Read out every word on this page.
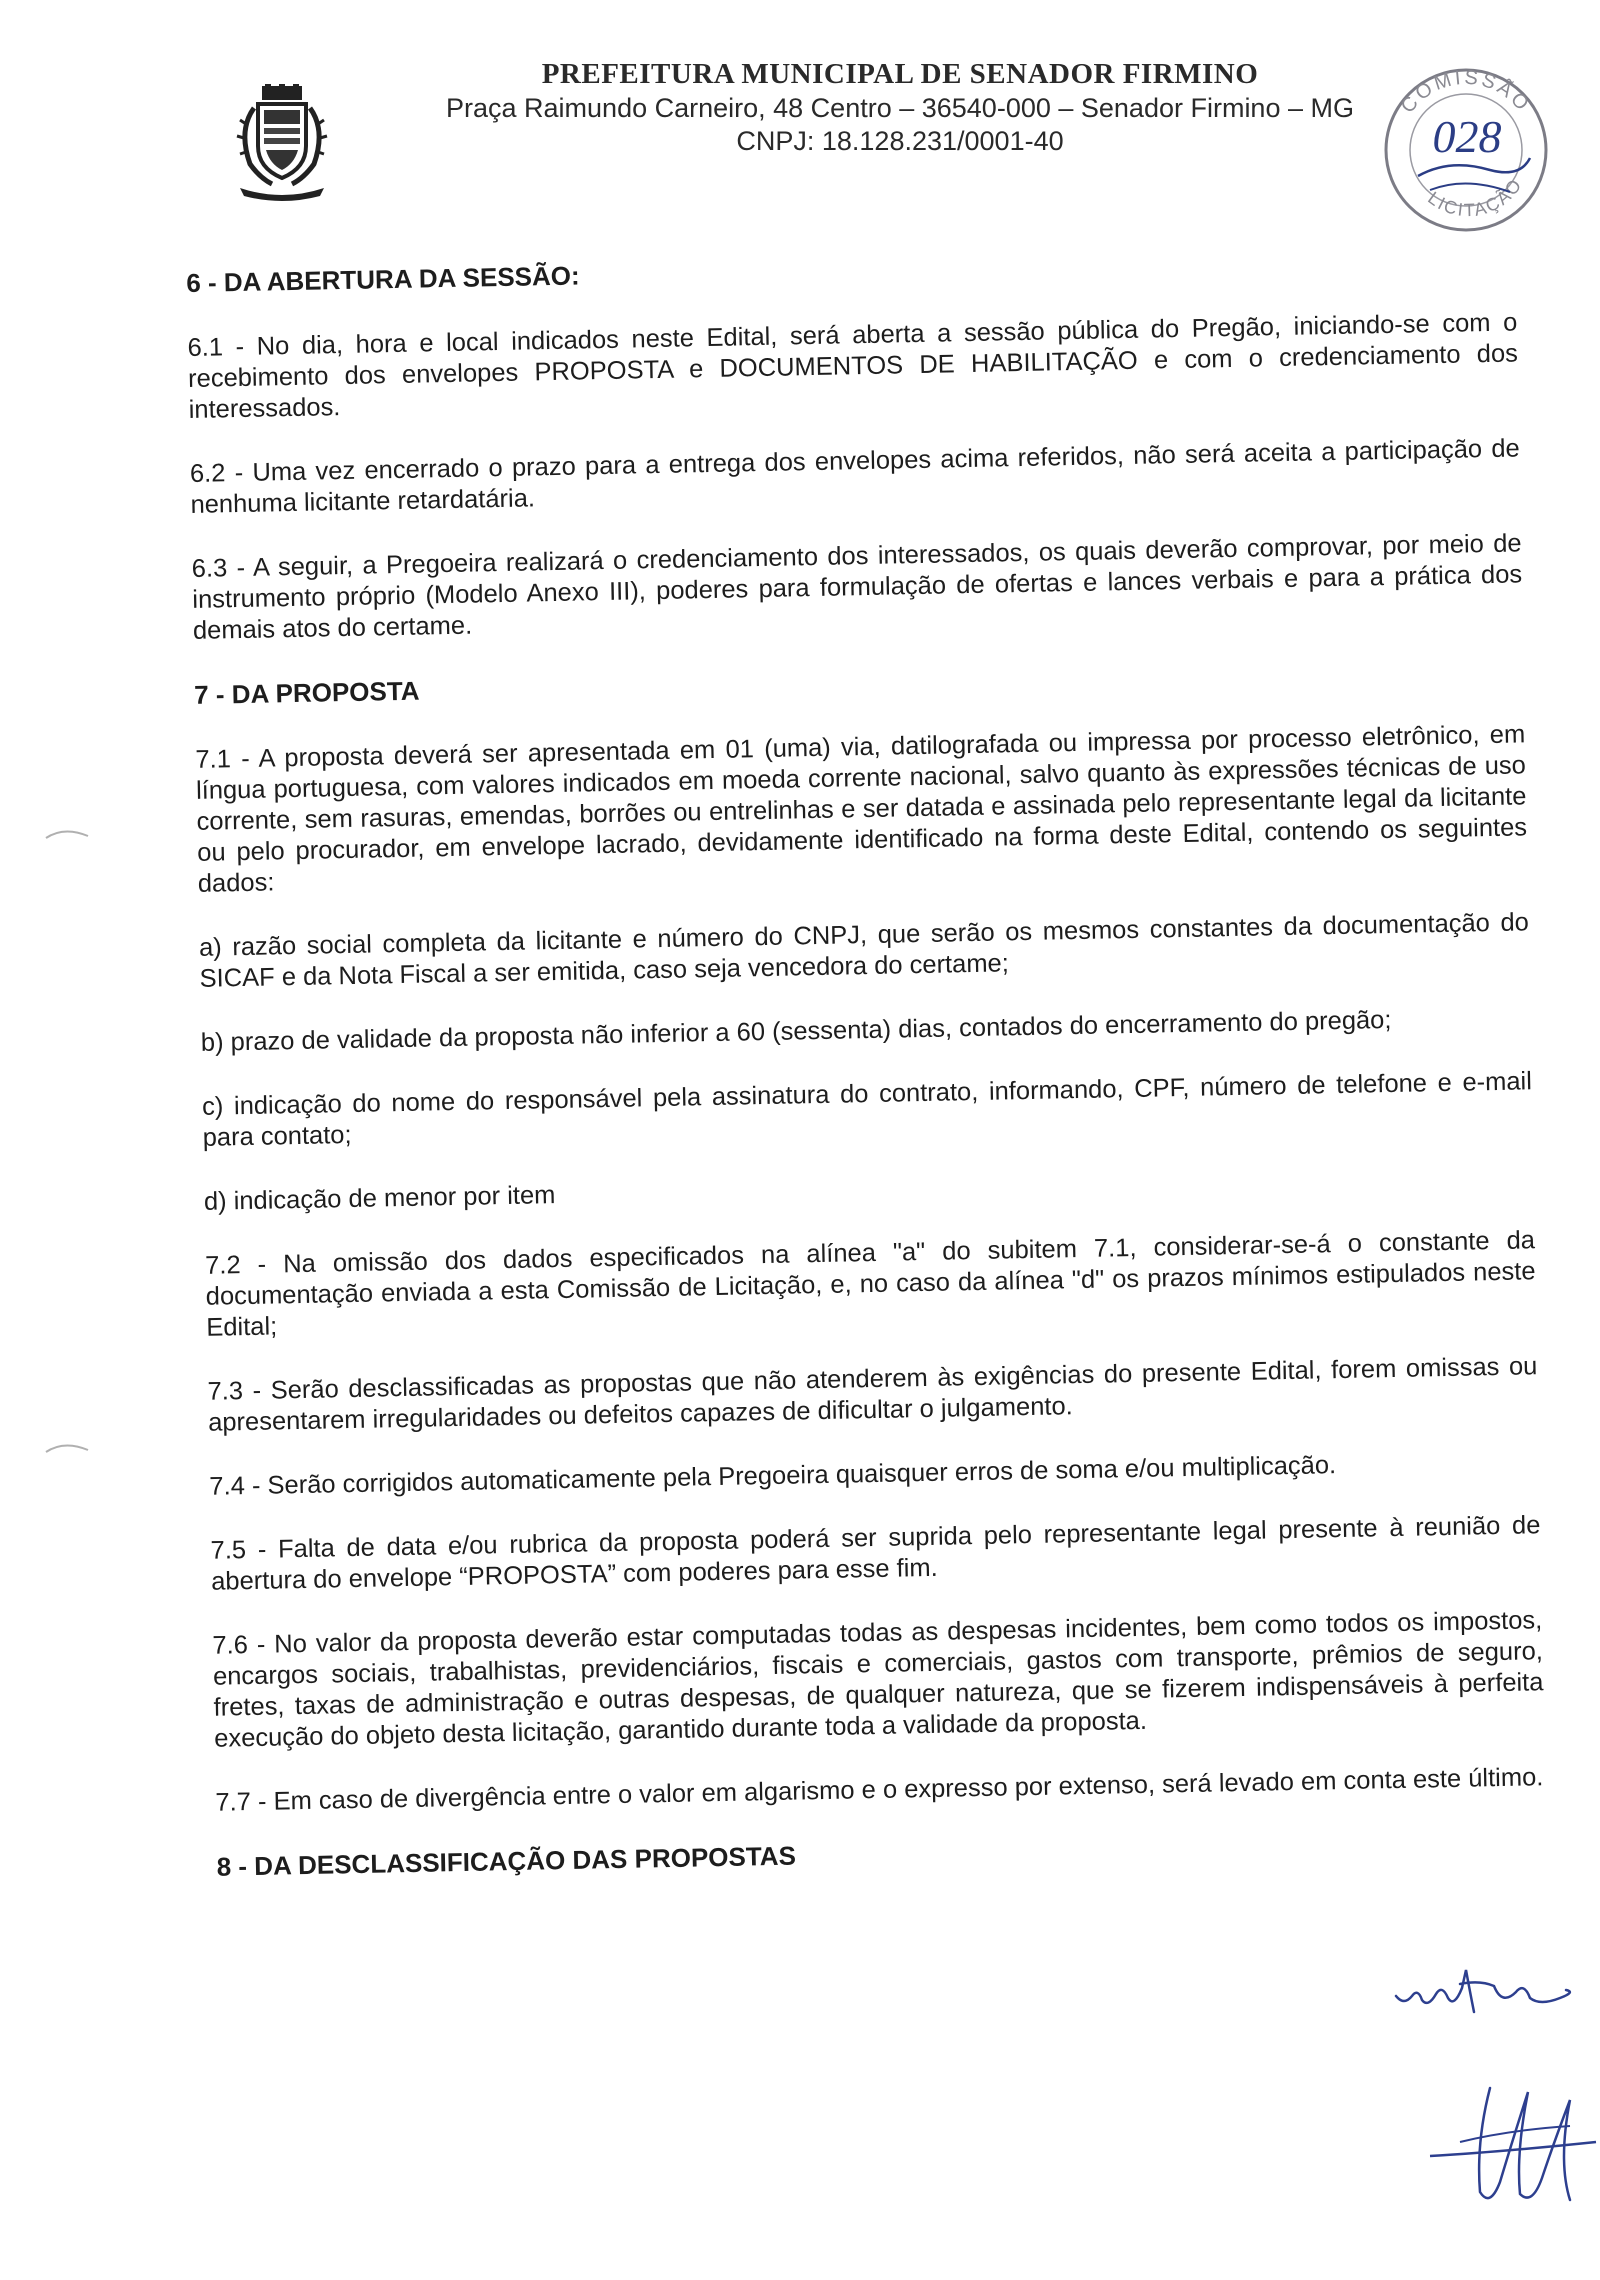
PREFEITURA MUNICIPAL DE SENADOR FIRMINO
Praça Raimundo Carneiro, 48 Centro – 36540-000 – Senador Firmino – MG
CNPJ: 18.128.231/0001-40
COMISSÃO
LICITAÇÃO
028
6 - DA ABERTURA DA SESSÃO:

6.1 - No dia, hora e local indicados neste Edital, será aberta a sessão pública do Pregão, iniciando-se com o recebimento dos envelopes PROPOSTA e DOCUMENTOS DE HABILITAÇÃO e com o credenciamento dos interessados.

6.2 - Uma vez encerrado o prazo para a entrega dos envelopes acima referidos, não será aceita a participação de nenhuma licitante retardatária.

6.3 - A seguir, a Pregoeira realizará o credenciamento dos interessados, os quais deverão comprovar, por meio de instrumento próprio (Modelo Anexo III), poderes para formulação de ofertas e lances verbais e para a prática dos demais atos do certame.

7 - DA PROPOSTA

7.1 - A proposta deverá ser apresentada em 01 (uma) via, datilografada ou impressa por processo eletrônico, em língua portuguesa, com valores indicados em moeda corrente nacional, salvo quanto às expressões técnicas de uso corrente, sem rasuras, emendas, borrões ou entrelinhas e ser datada e assinada pelo representante legal da licitante ou pelo procurador, em envelope lacrado, devidamente identificado na forma deste Edital, contendo os seguintes dados:

a) razão social completa da licitante e número do CNPJ, que serão os mesmos constantes da documentação do SICAF e da Nota Fiscal a ser emitida, caso seja vencedora do certame;

b) prazo de validade da proposta não inferior a 60 (sessenta) dias, contados do encerramento do pregão;

c) indicação do nome do responsável pela assinatura do contrato, informando, CPF, número de telefone e e-mail para contato;

d) indicação de menor por item

7.2 - Na omissão dos dados especificados na alínea "a" do subitem 7.1, considerar-se-á o constante da documentação enviada a esta Comissão de Licitação, e, no caso da alínea "d" os prazos mínimos estipulados neste Edital;

7.3 - Serão desclassificadas as propostas que não atenderem às exigências do presente Edital, forem omissas ou apresentarem irregularidades ou defeitos capazes de dificultar o julgamento.

7.4 - Serão corrigidos automaticamente pela Pregoeira quaisquer erros de soma e/ou multiplicação.

7.5 - Falta de data e/ou rubrica da proposta poderá ser suprida pelo representante legal presente à reunião de abertura do envelope “PROPOSTA” com poderes para esse fim.

7.6 - No valor da proposta deverão estar computadas todas as despesas incidentes, bem como todos os impostos, encargos sociais, trabalhistas, previdenciários, fiscais e comerciais, gastos com transporte, prêmios de seguro, fretes, taxas de administração e outras despesas, de qualquer natureza, que se fizerem indispensáveis à perfeita execução do objeto desta licitação, garantido durante toda a validade da proposta.

7.7 - Em caso de divergência entre o valor em algarismo e o expresso por extenso, será levado em conta este último.

8 - DA DESCLASSIFICAÇÃO DAS PROPOSTAS
